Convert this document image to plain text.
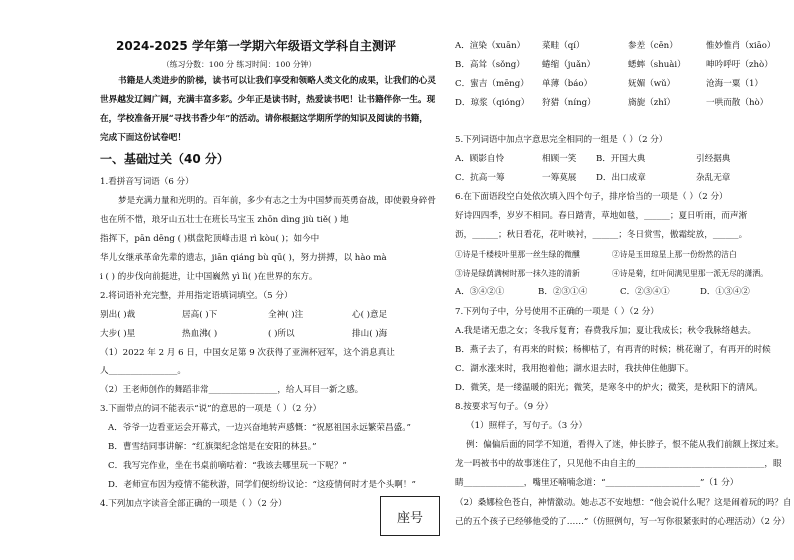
2024-2025 学年第一学期六年级语文学科自主测评
（练习分数：100 分 练习时间：100 分钟）
书籍是人类进步的阶梯，读书可以让我们享受和领略人类文化的成果，让我们的心灵
世界越发辽阔广阔，充满丰富多彩。少年正是读书时，热爱读书吧！让书籍伴你一生。现
在，学校准备开展“寻找书香少年”的活动。请你根据这学期所学的知识及阅读的书籍，
完成下面这份试卷吧！
一、基础过关（40 分）
1.看拼音写词语（6 分）
梦是充满力量和光明的。百年前，多少有志之士为中国梦而英勇奋战，即使毅身碎骨
也在所不惜，琅牙山五壮士在班长马宝玉 zhōn dìng jiù tiě( ) 地
指挥下，pān dēng ( )棋盘陀顶峰击退 rì kòu( )；如今中
华儿女继承革命先辈的遗志，jiān qiáng bù qū( )，努力拼搏，以 hào mà
i ( ) 的步伐向前挺进，让中国巍然 yì lì( )在世界的东方。
2.将词语补充完整，并用指定语填词填空。（5 分）
别出( )裁	居高( )下	全神( )注	心( )意足
大步( )星	热血沸( )	( )所以	排山( )海
（1）2022 年 2 月 6 日，中国女足第 9 次获得了亚洲杯冠军，这个消息真让
人________________。
（2）王老师创作的舞蹈非常________________，给人耳目一新之感。
3.下面带点的词不能表示“说”的意思的一项是（ ）（2 分）
A．爷爷一边看亚运会开幕式，一边兴奋地转声感慨：“祝愿祖国永远繁荣昌盛。”
B．曹雪结同事讲解：“红旗渠纪念馆是在安阳的林县。”
C．我写完作业，坐在书桌前嘀咕着：“我该去哪里玩一下呢？”
D．老师宣布因为疫情不能秋游，同学们便纷纷议论：“这疫情何时才是个头啊！”
4.下列加点字读音全部正确的一项是（ ）（2 分）
座号
A．渲染（xuān） 菜畦（qí）	参差（cēn）	惟妙惟肖（xiāo）
B．高耸（sǒng） 蜷缩（juǎn）	蟋蟀（shuài） 呻吟呼吁（zhò）
C．蜜吉（mēng） 单薄（báo）	妩媚（wǔ）	沧海一粟（1）
D．琼浆（qióng） 狩猎（níng）	旖旎（zhǐ）	一哄而散（hò）
5.下列词语中加点字意思完全相同的一组是（ ）（2 分）
A．顾影自怜	相顾一笑 B．开国大典	引经据典
C．抗高一筹	一筹莫展 D．出口成章	杂乱无章
6.在下面语段空白处依次填入四个句子，排序恰当的一项是（ ）（2 分）
好诗四四季，岁岁不相同。春日踏青，草地如毯，______；夏日听雨，而声淅
沥，______；秋日看花，花叶映衬，______；冬日赏雪，傲霜绽放，______。
①诗是千楼枝叶里那一丝生绿的微醺	②诗是玉田琼星上那一份纷然的洁白
③诗是绿荫满树时那一抹久违的清新	④诗是菊，红叶间满见里那一派无尽的潇洒。
A．③④②①	B．②③①④	C．②③④①	D．①③④②
7.下列句子中，分号使用不正确的一项是（ ）（2 分）
A.我是诸无患之女；冬我斥复育；春费我斥加；夏让我成长；秋令我脉络越去。
B．燕子去了，有再来的时候；杨柳枯了，有再青的时候；桃花谢了，有再开的时候
C．湖水涨来时，我用抱着他；湖水退去时，我扶伸住他脚下。
D．微笑，是一缕温暖的阳光；微笑，是寒冬中的炉火；微笑，是秋阳下的清风。
8.按要求写句子。（9 分）
（1）照样子，写句子。（3 分）
例：偏偏后面的同学不知道，看得入了迷，伸长脖子，恨不能从我们前额上探过来。
龙一吗被书中的故事迷住了，只见他不由自主的______________________________，眼
睛______________，嘴里还喃喃念道：“______________________”（1 分）
（2）桑娜检色苍白，神情激动。她忐忑不安地想：“他会说什么呢？这是闹着玩的吗？自
己的五个孩子已经够他受的了……”（仿照例句，写一写你很紧张时的心理活动）（2 分）
